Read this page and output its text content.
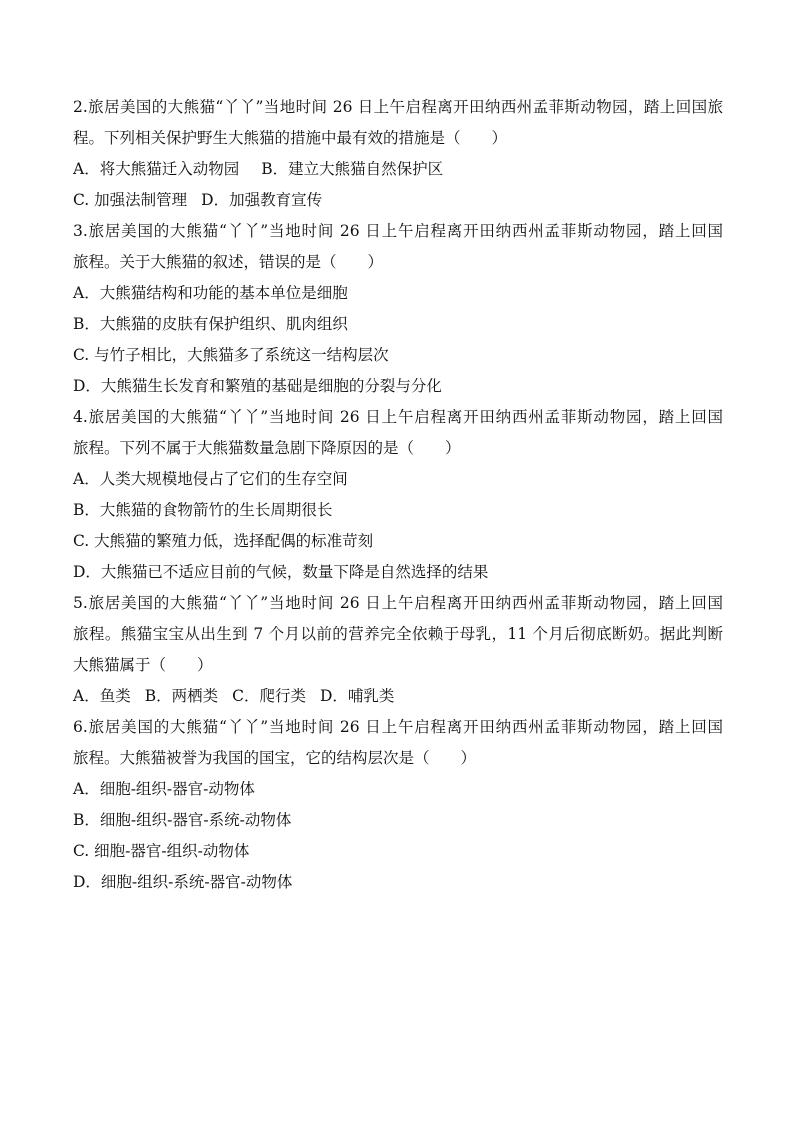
2.旅居美国的大熊猫“丫丫”当地时间 26 日上午启程离开田纳西州孟菲斯动物园，踏上回国旅
程。下列相关保护野生大熊猫的措施中最有效的措施是（　　）
A．将大熊猫迁入动物园 B．建立大熊猫自然保护区
C. 加强法制管理 D．加强教育宣传
3.旅居美国的大熊猫“丫丫”当地时间 26 日上午启程离开田纳西州孟菲斯动物园，踏上回国
旅程。关于大熊猫的叙述，错误的是（　　）
A．大熊猫结构和功能的基本单位是细胞
B．大熊猫的皮肤有保护组织、肌肉组织
C. 与竹子相比，大熊猫多了系统这一结构层次
D．大熊猫生长发育和繁殖的基础是细胞的分裂与分化
4.旅居美国的大熊猫“丫丫”当地时间 26 日上午启程离开田纳西州孟菲斯动物园，踏上回国
旅程。下列不属于大熊猫数量急剧下降原因的是（　　）
A．人类大规模地侵占了它们的生存空间
B．大熊猫的食物箭竹的生长周期很长
C. 大熊猫的繁殖力低，选择配偶的标准苛刻
D．大熊猫已不适应目前的气候，数量下降是自然选择的结果
5.旅居美国的大熊猫“丫丫”当地时间 26 日上午启程离开田纳西州孟菲斯动物园，踏上回国
旅程。熊猫宝宝从出生到 7 个月以前的营养完全依赖于母乳，11 个月后彻底断奶。据此判断
大熊猫属于（　　）
A．鱼类 B．两栖类 C．爬行类 D．哺乳类
6.旅居美国的大熊猫“丫丫”当地时间 26 日上午启程离开田纳西州孟菲斯动物园，踏上回国
旅程。大熊猫被誉为我国的国宝，它的结构层次是（　　）
A．细胞-组织-器官-动物体
B．细胞-组织-器官-系统-动物体
C. 细胞-器官-组织-动物体
D．细胞-组织-系统-器官-动物体
